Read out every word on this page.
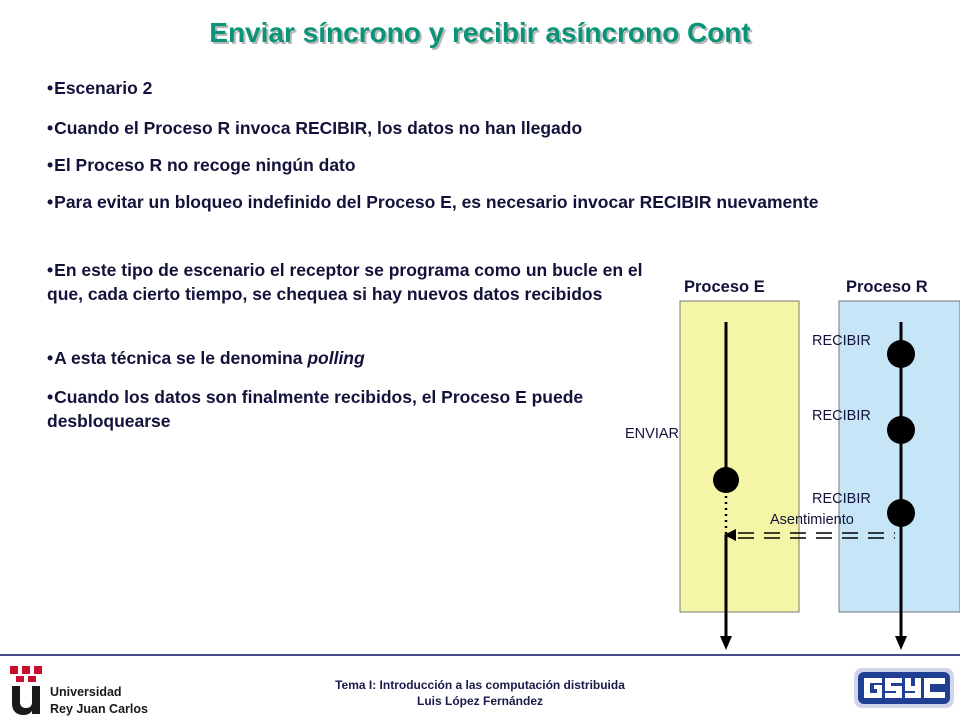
Enviar síncrono y recibir asíncrono Cont

•Escenario 2

•Cuando el Proceso R invoca RECIBIR, los datos no han llegado

•El Proceso R no recoge ningún dato

•Para evitar un bloqueo indefinido del Proceso E, es necesario invocar RECIBIR nuevamente

•En este tipo de escenario el receptor se programa como un bucle en el que, cada cierto tiempo, se chequea si hay nuevos datos recibidos

•A esta técnica se le denomina polling

•Cuando los datos son finalmente recibidos, el Proceso E puede desbloquearse

Proceso E	Proceso R
ENVIAR
RECIBIR
RECIBIR
RECIBIR
Asentimiento
Universidad
Rey Juan Carlos
Tema I: Introducción a las computación distribuida
Luis López Fernández
